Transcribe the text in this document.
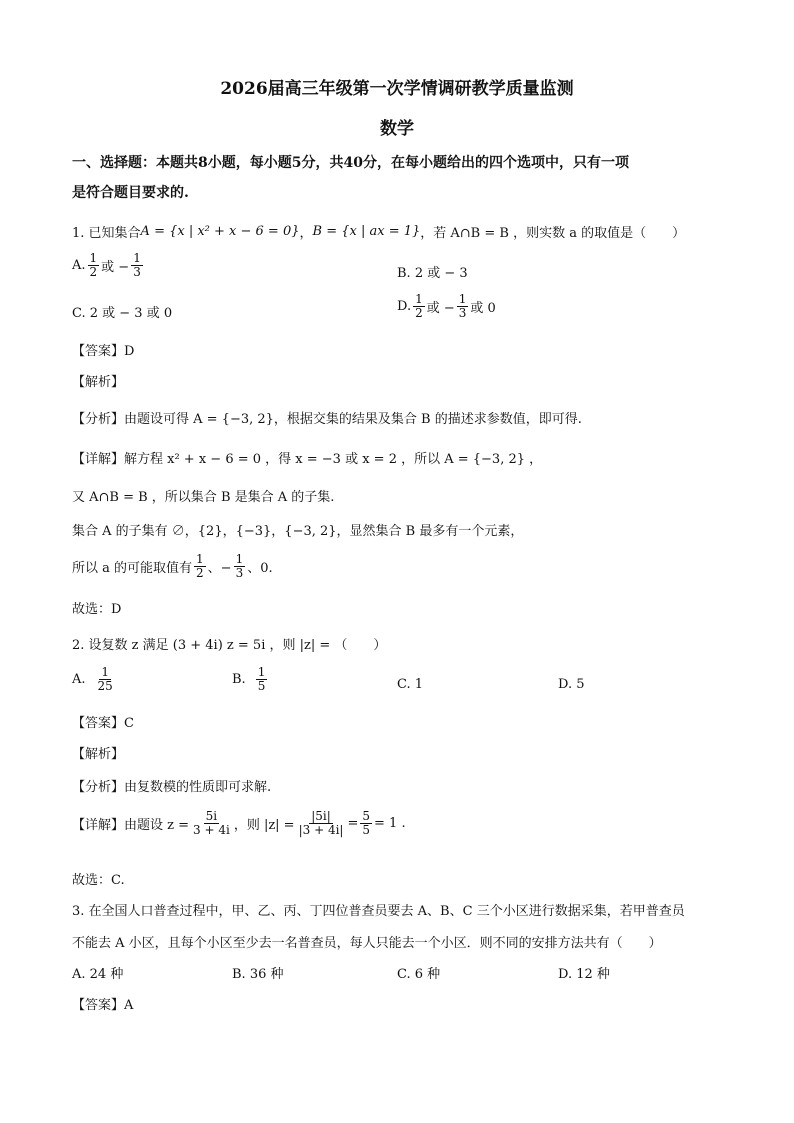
2026届高三年级第一次学情调研教学质量监测
数学
一、选择题：本题共8小题，每小题5分，共40分，在每小题给出的四个选项中，只有一项
是符合题目要求的.
1. 已知集合 A = {x | x² + x − 6 = 0} ， B = {x | ax = 1} ，若 A∩B = B ，则实数 a 的取值是（　　）
A. $\frac{1}{2}$ 或 − $\frac{1}{3}$	B. 2 或 − 3
C. 2 或 − 3 或 0	D. $\frac{1}{2}$ 或 − $\frac{1}{3}$ 或 0
【答案】D
【解析】
【分析】由题设可得 A = {−3, 2}，根据交集的结果及集合 B 的描述求参数值，即可得.
【详解】解方程 x² + x − 6 = 0 ，得 x = −3 或 x = 2 ，所以 A = {−3, 2} ，
又 A∩B = B ，所以集合 B 是集合 A 的子集.
集合 A 的子集有 ∅，{2}，{−3}，{−3, 2}，显然集合 B 最多有一个元素，
所以 a 的可能取值有 $\frac{1}{2}$ 、− $\frac{1}{3}$ 、0.
故选：D
2. 设复数 z 满足 (3 + 4i) z = 5i ，则 |z| = （　　）
A. $\frac{1}{25}$	B. $\frac{1}{5}$	C. 1	D. 5
【答案】C
【解析】
【分析】由复数模的性质即可求解.
【详解】由题设 $z = \frac{5i}{3 + 4i}$ ，则 $|z| = \frac{|5i|}{|3 + 4i|} = \frac{5}{5} = 1$ .
故选：C.
3. 在全国人口普查过程中，甲、乙、丙、丁四位普查员要去 A、B、C 三个小区进行数据采集，若甲普查员
不能去 A 小区，且每个小区至少去一名普查员，每人只能去一个小区．则不同的安排方法共有（　　）
A. 24 种	B. 36 种	C. 6 种	D. 12 种
【答案】A
